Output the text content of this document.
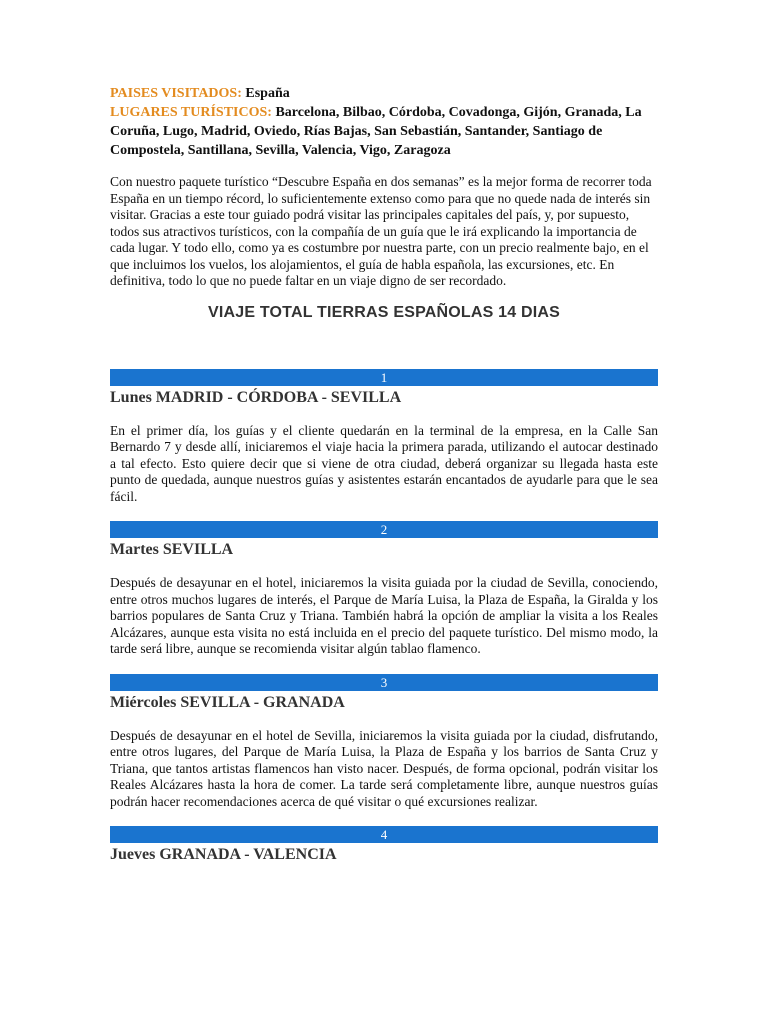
PAISES VISITADOS: España
LUGARES TURÍSTICOS: Barcelona, Bilbao, Córdoba, Covadonga, Gijón, Granada, La Coruña, Lugo, Madrid, Oviedo, Rías Bajas, San Sebastián, Santander, Santiago de Compostela, Santillana, Sevilla, Valencia, Vigo, Zaragoza

Con nuestro paquete turístico “Descubre España en dos semanas” es la mejor forma de recorrer toda España en un tiempo récord, lo suficientemente extenso como para que no quede nada de interés sin visitar. Gracias a este tour guiado podrá visitar las principales capitales del país, y, por supuesto, todos sus atractivos turísticos, con la compañía de un guía que le irá explicando la importancia de cada lugar. Y todo ello, como ya es costumbre por nuestra parte, con un precio realmente bajo, en el que incluimos los vuelos, los alojamientos, el guía de habla española, las excursiones, etc. En definitiva, todo lo que no puede faltar en un viaje digno de ser recordado.

VIAJE TOTAL TIERRAS ESPAÑOLAS 14 DIAS
1
Lunes MADRID - CÓRDOBA - SEVILLA

En el primer día, los guías y el cliente quedarán en la terminal de la empresa, en la Calle San Bernardo 7 y desde allí, iniciaremos el viaje hacia la primera parada, utilizando el autocar destinado a tal efecto. Esto quiere decir que si viene de otra ciudad, deberá organizar su llegada hasta este punto de quedada, aunque nuestros guías y asistentes estarán encantados de ayudarle para que le sea fácil.

2
Martes SEVILLA

Después de desayunar en el hotel, iniciaremos la visita guiada por la ciudad de Sevilla, conociendo, entre otros muchos lugares de interés, el Parque de María Luisa, la Plaza de España, la Giralda y los barrios populares de Santa Cruz y Triana. También habrá la opción de ampliar la visita a los Reales Alcázares, aunque esta visita no está incluida en el precio del paquete turístico. Del mismo modo, la tarde será libre, aunque se recomienda visitar algún tablao flamenco.

3
Miércoles SEVILLA - GRANADA

Después de desayunar en el hotel de Sevilla, iniciaremos la visita guiada por la ciudad, disfrutando, entre otros lugares, del Parque de María Luisa, la Plaza de España y los barrios de Santa Cruz y Triana, que tantos artistas flamencos han visto nacer. Después, de forma opcional, podrán visitar los Reales Alcázares hasta la hora de comer. La tarde será completamente libre, aunque nuestros guías podrán hacer recomendaciones acerca de qué visitar o qué excursiones realizar.

4
Jueves GRANADA - VALENCIA
